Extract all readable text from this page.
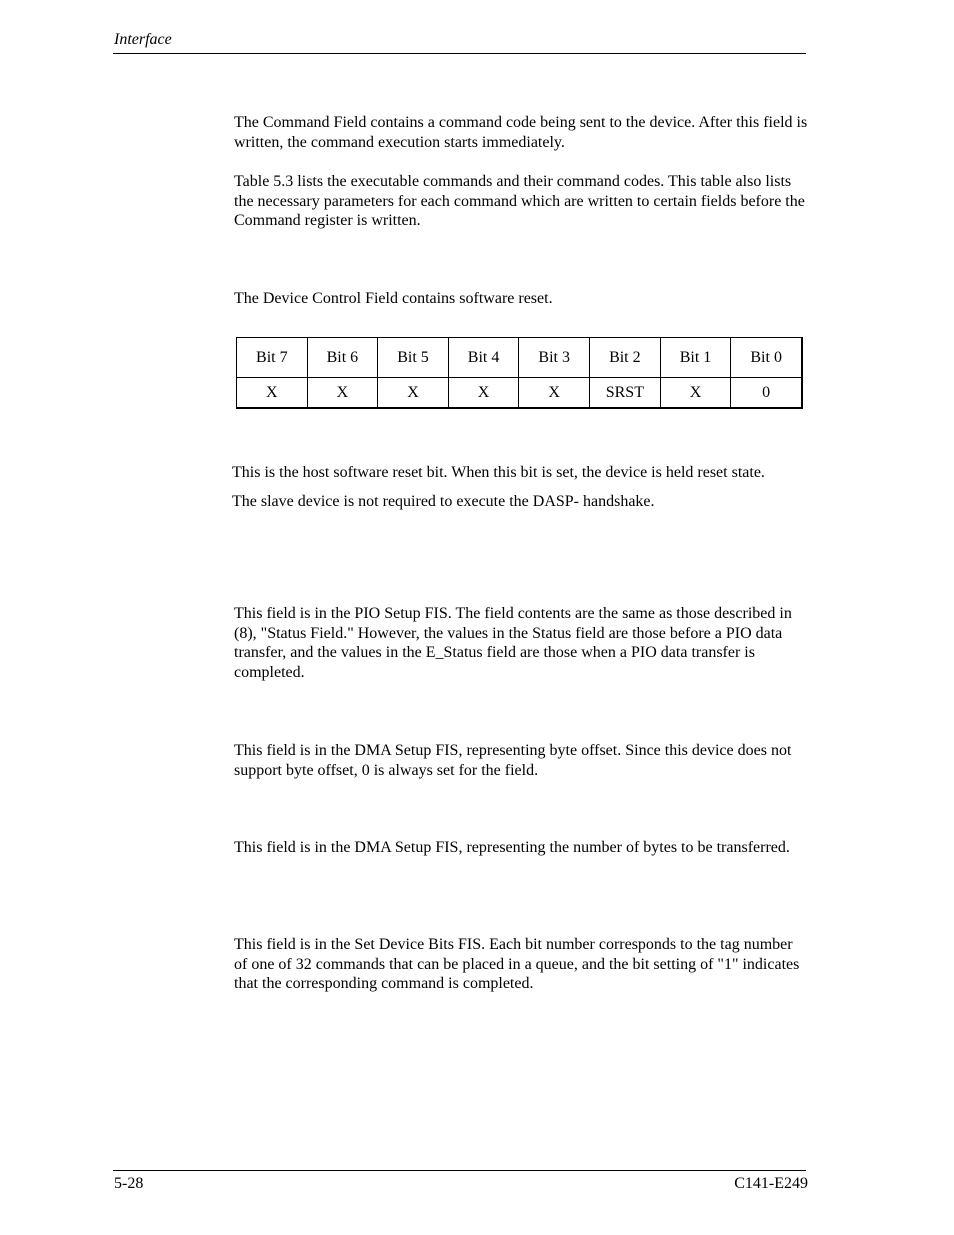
Interface

The Command Field contains a command code being sent to the device. After this field is written, the command execution starts immediately.

Table 5.3 lists the executable commands and their command codes. This table also lists the necessary parameters for each command which are written to certain fields before the Command register is written.

The Device Control Field contains software reset.

Bit 7	Bit 6	Bit 5	Bit 4	Bit 3	Bit 2	Bit 1	Bit 0
X	X	X	X	X	SRST	X	0

This is the host software reset bit. When this bit is set, the device is held reset state.

The slave device is not required to execute the DASP- handshake.

This field is in the PIO Setup FIS. The field contents are the same as those described in (8), "Status Field." However, the values in the Status field are those before a PIO data transfer, and the values in the E_Status field are those when a PIO data transfer is completed.

This field is in the DMA Setup FIS, representing byte offset. Since this device does not support byte offset, 0 is always set for the field.

This field is in the DMA Setup FIS, representing the number of bytes to be transferred.

This field is in the Set Device Bits FIS. Each bit number corresponds to the tag number of one of 32 commands that can be placed in a queue, and the bit setting of "1" indicates that the corresponding command is completed.

5-28	C141-E249
